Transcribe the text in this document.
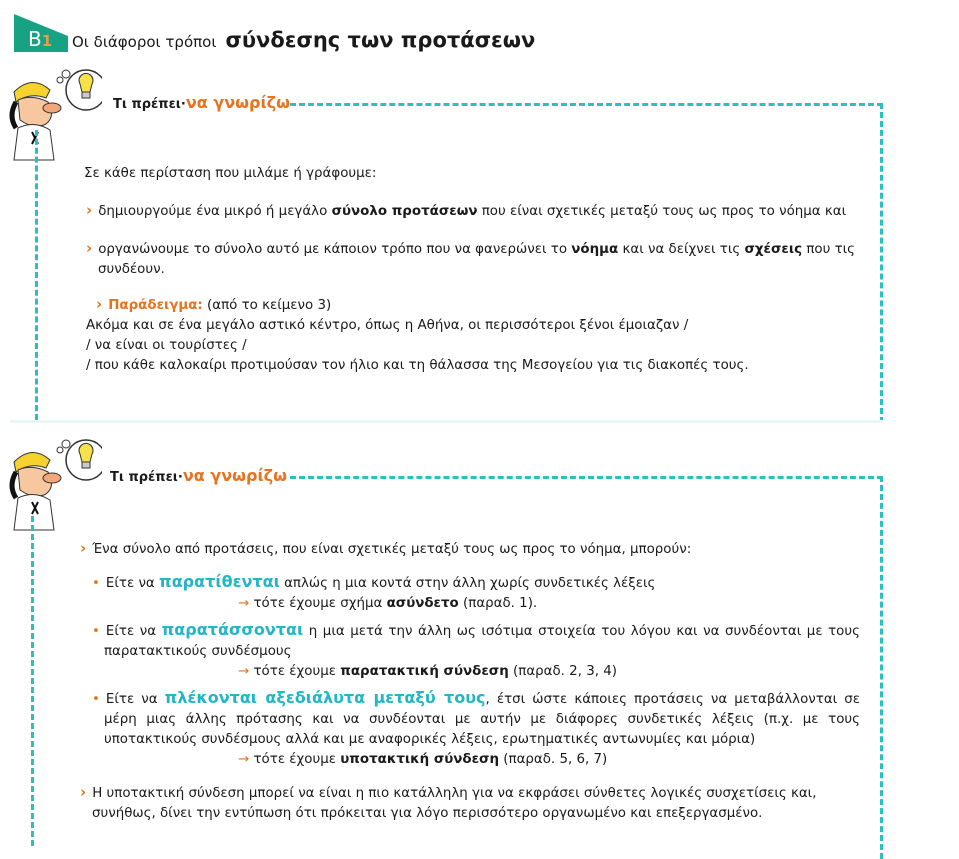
B1 Οι διάφοροι τρόποι σύνδεσης των προτάσεων
Τι πρέπει·να γνωρίζω

Σε κάθε περίσταση που μιλάμε ή γράφουμε:

› δημιουργούμε ένα μικρό ή μεγάλο σύνολο προτάσεων που είναι σχετικές μεταξύ τους ως προς το νόημα και

› οργανώνουμε το σύνολο αυτό με κάποιον τρόπο που να φανερώνει το νόημα και να δείχνει τις σχέσεις που τις συνδέουν.

› Παράδειγμα: (από το κείμενο 3)

Ακόμα και σε ένα μεγάλο αστικό κέντρο, όπως η Αθήνα, οι περισσότεροι ξένοι έμοιαζαν /

/ να είναι οι τουρίστες /

/ που κάθε καλοκαίρι προτιμούσαν τον ήλιο και τη θάλασσα της Μεσογείου για τις διακοπές τους.

Τι πρέπει·να γνωρίζω

› Ένα σύνολο από προτάσεις, που είναι σχετικές μεταξύ τους ως προς το νόημα, μπορούν:

• Είτε να παρατίθενται απλώς η μια κοντά στην άλλη χωρίς συνδετικές λέξεις

→ τότε έχουμε σχήμα ασύνδετο (παραδ. 1).

• Είτε να παρατάσσονται η μια μετά την άλλη ως ισότιμα στοιχεία του λόγου και να συνδέονται με τους παρατακτικούς συνδέσμους

→ τότε έχουμε παρατακτική σύνδεση (παραδ. 2, 3, 4)

• Είτε να πλέκονται αξεδιάλυτα μεταξύ τους, έτσι ώστε κάποιες προτάσεις να μεταβάλλονται σε μέρη μιας άλλης πρότασης και να συνδέονται με αυτήν με διάφορες συνδετικές λέξεις (π.χ. με τους υποτακτικούς συνδέσμους αλλά και με αναφορικές λέξεις, ερωτηματικές αντωνυμίες και μόρια)

→ τότε έχουμε υποτακτική σύνδεση (παραδ. 5, 6, 7)

› Η υποτακτική σύνδεση μπορεί να είναι η πιο κατάλληλη για να εκφράσει σύνθετες λογικές συσχετίσεις και, συνήθως, δίνει την εντύπωση ότι πρόκειται για λόγο περισσότερο οργανωμένο και επεξεργασμένο.
